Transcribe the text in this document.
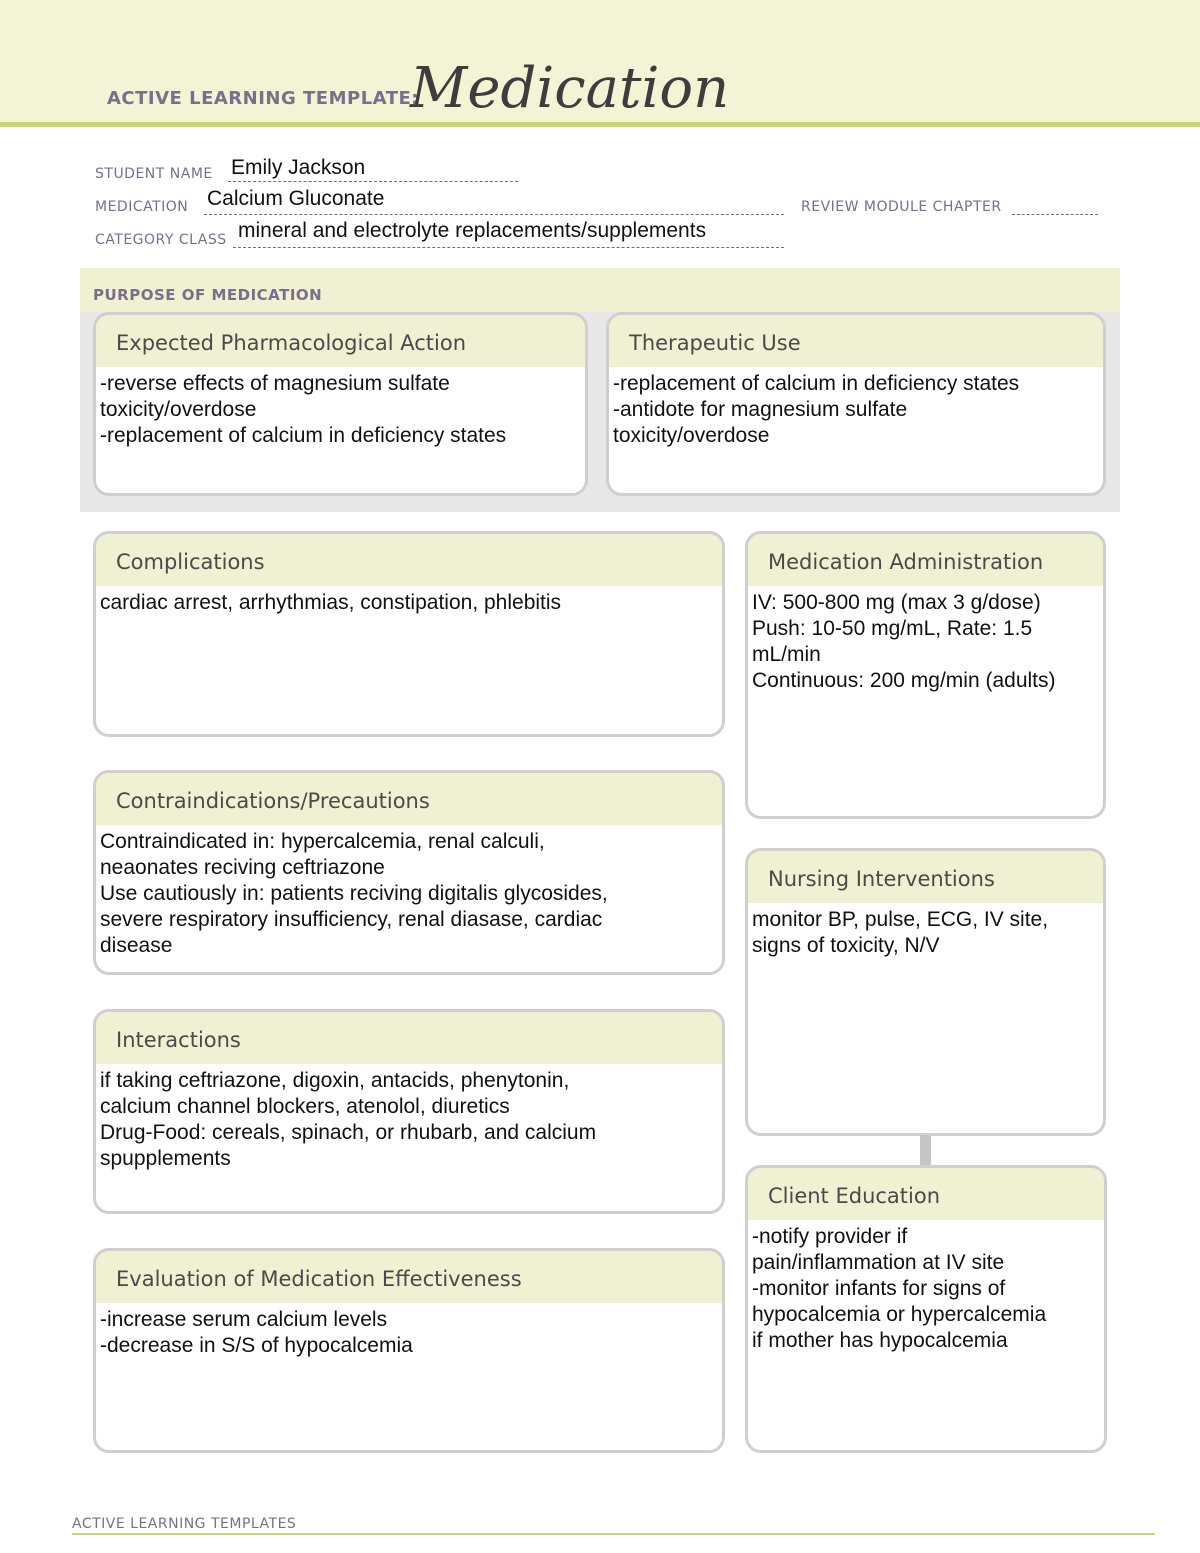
ACTIVE LEARNING TEMPLATE:
Medication
STUDENT NAME Emily Jackson
MEDICATION Calcium Gluconate	REVIEW MODULE CHAPTER
CATEGORY CLASS mineral and electrolyte replacements/supplements
PURPOSE OF MEDICATION
Expected Pharmacological Action
-reverse effects of magnesium sulfate
toxicity/overdose
-replacement of calcium in deficiency states
Therapeutic Use
-replacement of calcium in deficiency states
-antidote for magnesium sulfate
toxicity/overdose
Complications
cardiac arrest, arrhythmias, constipation, phlebitis
Contraindications/Precautions
Contraindicated in: hypercalcemia, renal calculi,
neaonates reciving ceftriazone
Use cautiously in: patients reciving digitalis glycosides,
severe respiratory insufficiency, renal diasase, cardiac
disease
Interactions
if taking ceftriazone, digoxin, antacids, phenytonin,
calcium channel blockers, atenolol, diuretics
Drug-Food: cereals, spinach, or rhubarb, and calcium
spupplements
Evaluation of Medication Effectiveness
-increase serum calcium levels
-decrease in S/S of hypocalcemia
Medication Administration
IV: 500-800 mg (max 3 g/dose)
Push: 10-50 mg/mL, Rate: 1.5
mL/min
Continuous: 200 mg/min (adults)
Nursing Interventions
monitor BP, pulse, ECG, IV site,
signs of toxicity, N/V
Client Education
-notify provider if
pain/inflammation at IV site
-monitor infants for signs of
hypocalcemia or hypercalcemia
if mother has hypocalcemia
ACTIVE LEARNING TEMPLATES
